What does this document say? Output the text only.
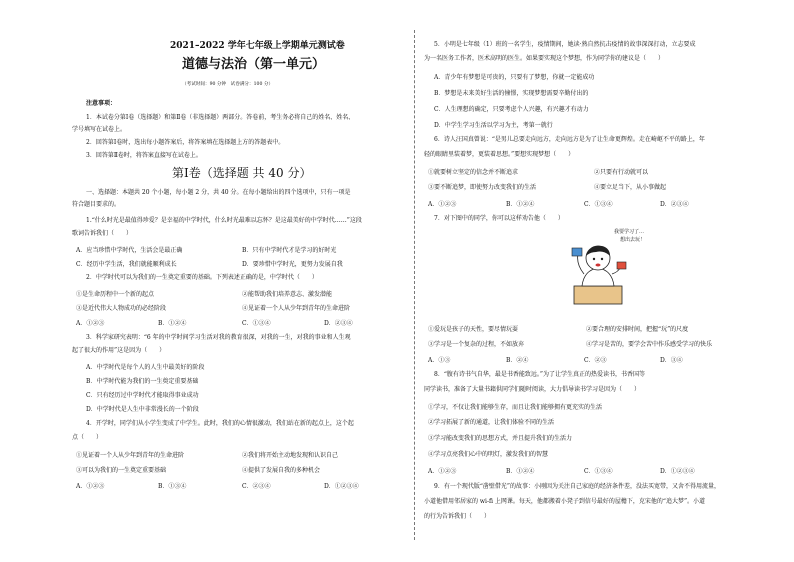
2021–2022 学年七年级上学期单元测试卷
道德与法治（第一单元）
（考试时间：90 分钟　试卷满分：100 分）
注意事项：
1．本试卷分第Ⅰ卷（选择题）和第Ⅱ卷（非选择题）两部分。答卷前，考生务必将自己的姓名、姓名、
学号填写在试卷上。
2．回答第Ⅰ卷时，选出每小题答案后，将答案填在选择题上方的答题表中。
3．回答第Ⅱ卷时，将答案直接写在试卷上。
第Ⅰ卷（选择题 共 40 分）
一、选择题：本题共 20 个小题，每小题 2 分，共 40 分。在每小题给出的四个选项中，只有一项是
符合题目要求的。
1.“什么时光是最值得珍爱？是幸福的中学时代，什么时光最难以忘怀？是这最美好的中学时代……”这段
歌词告诉我们（　　）
A．应当珍惜中学时代，生活会是最正确	B．只有中学时代才是学习的好时光
C．经历中学生活，我们就能顺利成长	D．要珍惜中学时光，更努力发展自我
2．中学时代可以为我们的一生奠定重要的基础。下列表述正确的是，中学时代（　　）
①是生命历程中一个新的起点	②能帮助我们培养意志、激发潜能
③是近代伟大人物成功的必经阶段	④见证着一个人从少年到青年的生命进阶
A．①②③	B．①②④	C．①③④	D．②③④
3．科学家研究表明：“6 年的中学时间学习生活对我的教育很深，对我的一生，对我的事业和人生观
起了很大的作用”这是因为（　　）
A．中学时代是每个人的人生中最美好的阶段
B．中学时代能为我们的一生奠定重要基础
C．只有经历过中学时代才能取得事业成功
D．中学时代是人生中非常漫长的一个阶段
4．开学时，同学们从小学生变成了中学生。此时，我们的心情很激动，我们站在新的起点上，这个起
点（　　）
①见证着一个人从少年到青年的生命进阶	②我们将开始主动地发现和认识自己
③可以为我们的一生奠定重要基础	④提供了发展自我的多种机会
A．①②③	B．①③④	C．②③④	D．①②③④
5．小明是七年级（1）班的一名学生，疫情期间，她读·熟自然抗击疫情的故事深深打动，立志要成
为一名医务工作者，医术高明的医生。如果要实现这个梦想，作为同学你的建议是（　　）
A．青少年有梦想是可贵的，只要有了梦想，你就一定能成功
B．梦想是未来美好生活的憧憬，实现梦想需要辛勤付出的
C．人生理想的确定，只要考虑个人兴趣，有兴趣才有动力
D．中学生学习生活以学习为主，考第一就行
6．诗人汪国真曾说：“是男儿总要走向远方，走向远方是为了让生命更辉煌。走在崎岖不平的路上，年
轻的眼睛里装着梦，更装着思想。”要想实现梦想（　　）
①就要树立坚定的信念并不断追求	②只要有行动就可以
③要不断追梦，即使努力改变我们的生活	④要立足当下，从小事做起
A．①②③	B．①②④	C．①③④	D．②③④
7．对下图中的同学，你可以这样劝告他（　　）
我要学习了…
想出去玩！
①爱玩是孩子的天性，要尽情玩耍	②要合理的安排时间，把握“玩”的尺度
③学习是一个复杂的过程，不如放弃	④学习是苦的，要学会苦中作乐感受学习的快乐
A．①③	B．②④	C．②③	D．③④
8．“腹有诗书气自华，最是书香能致远。”为了让学生真正的热爱读书，书香国等
同学读书，准备了大量书籍供同学们随时阅读，大力倡导读书学习是因为（　　）
①学习，不仅让我们能够生存，而且让我们能够拥有更充实的生活
②学习拓展了新的通道，让我们体验不同的生活
③学习能改变我们的思想方式，并且提升我们的生活力
④学习点亮我们心中的明灯，激发我们的智慧
A．①②③	B．①②④	C．①③④	D．①②③④
9．有一个现代版“凿壁借光”的故事：小刚因为关注自己家庭的经济条件差，没法买宽带，又舍不得用流量，
小道他借用邻居家的 wi-fi 上网课。每天，他都搬着小凳子到信号最好的屋檐下，克宋他的“追大梦”。小道
的行为告诉我们（　　）
